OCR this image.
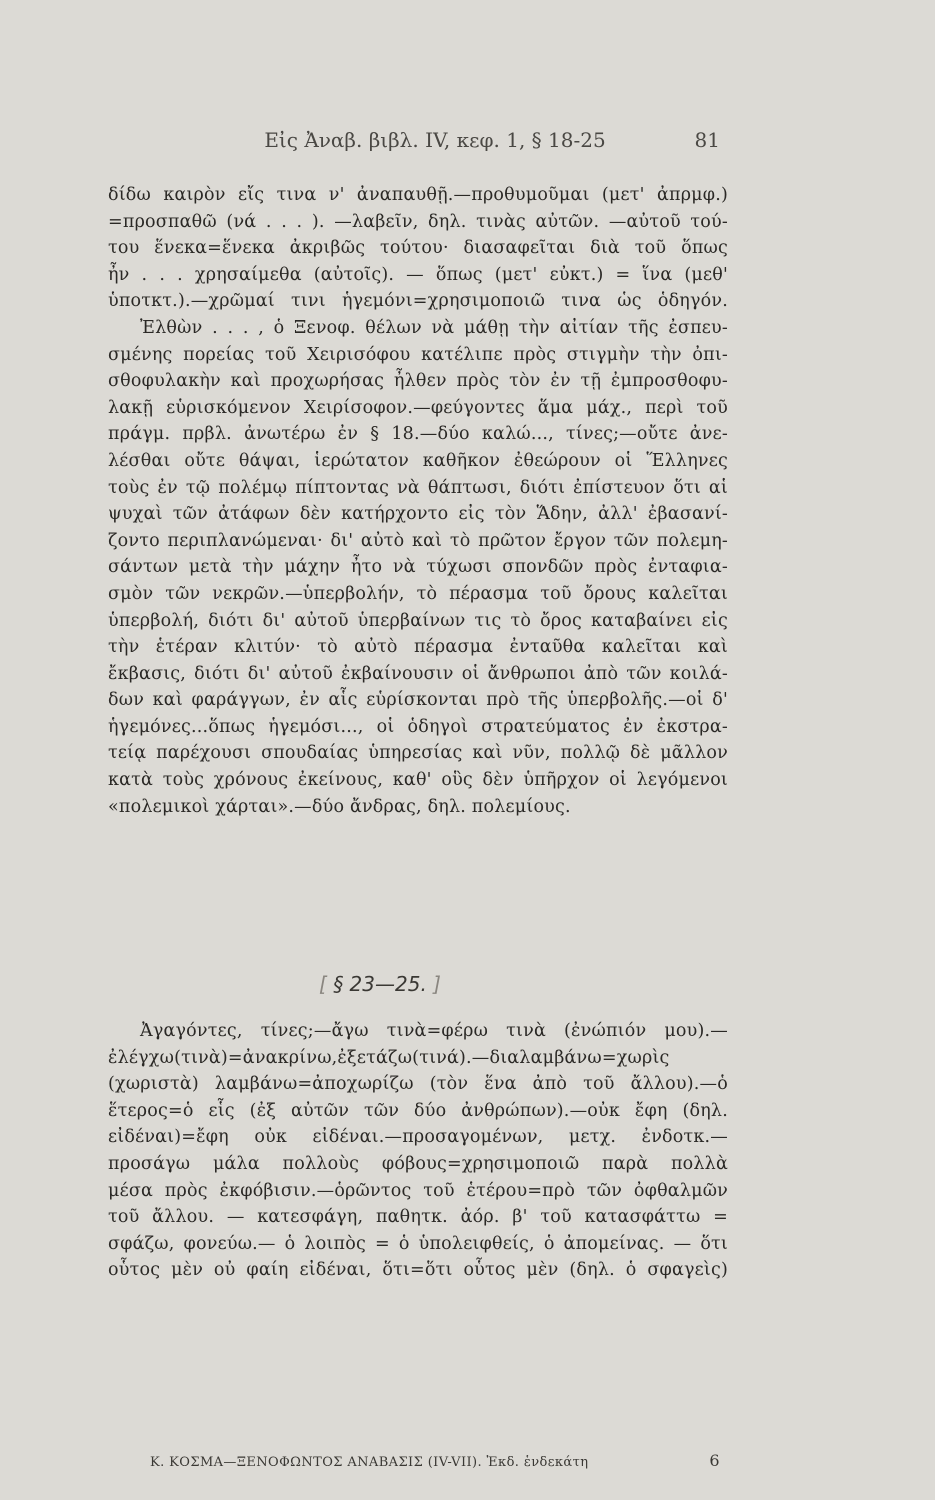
Εἰς Ἀναβ. βιβλ. IV, κεφ. 1, § 18-25	81
δίδω καιρὸν εἴς τινα ν' ἀναπαυθῇ.—προθυμοῦμαι (μετ' ἀπρμφ.)
=προσπαθῶ (νά . . . ). —λαβεῖν, δηλ. τινὰς αὐτῶν. —αὐτοῦ τού-
του ἕνεκα=ἕνεκα ἀκριβῶς τούτου· διασαφεῖται διὰ τοῦ ὅπως
ἦν . . . χρησαίμεθα (αὐτοῖς). — ὅπως (μετ' εὐκτ.) = ἵνα (μεθ'
ὑποτκτ.).—χρῶμαί τινι ἡγεμόνι=χρησιμοποιῶ τινα ὡς ὁδηγόν.
Ἐλθὼν . . . , ὁ Ξενοφ. θέλων νὰ μάθῃ τὴν αἰτίαν τῆς ἐσπευ-
σμένης πορείας τοῦ Χειρισόφου κατέλιπε πρὸς στιγμὴν τὴν ὀπι-
σθοφυλακὴν καὶ προχωρήσας ἦλθεν πρὸς τὸν ἐν τῇ ἐμπροσθοφυ-
λακῇ εὑρισκόμενον Χειρίσοφον.—φεύγοντες ἅμα μάχ., περὶ τοῦ
πράγμ. πρβλ. ἀνωτέρω ἐν § 18.—δύο καλώ..., τίνες;—οὔτε ἀνε-
λέσθαι οὔτε θάψαι, ἱερώτατον καθῆκον ἐθεώρουν οἱ Ἕλληνες
τοὺς ἐν τῷ πολέμῳ πίπτοντας νὰ θάπτωσι, διότι ἐπίστευον ὅτι αἱ
ψυχαὶ τῶν ἀτάφων δὲν κατήρχοντο εἰς τὸν Ἅδην, ἀλλ' ἐβασανί-
ζοντο περιπλανώμεναι· δι' αὐτὸ καὶ τὸ πρῶτον ἔργον τῶν πολεμη-
σάντων μετὰ τὴν μάχην ἦτο νὰ τύχωσι σπονδῶν πρὸς ἐνταφια-
σμὸν τῶν νεκρῶν.—ὑπερβολήν, τὸ πέρασμα τοῦ ὄρους καλεῖται
ὑπερβολή, διότι δι' αὐτοῦ ὑπερβαίνων τις τὸ ὄρος καταβαίνει εἰς
τὴν ἑτέραν κλιτύν· τὸ αὐτὸ πέρασμα ἐνταῦθα καλεῖται καὶ
ἔκβασις, διότι δι' αὐτοῦ ἐκβαίνουσιν οἱ ἄνθρωποι ἀπὸ τῶν κοιλά-
δων καὶ φαράγγων, ἐν αἷς εὑρίσκονται πρὸ τῆς ὑπερβολῆς.—οἱ δ'
ἡγεμόνες...ὅπως ἡγεμόσι..., οἱ ὁδηγοὶ στρατεύματος ἐν ἐκστρα-
τείᾳ παρέχουσι σπουδαίας ὑπηρεσίας καὶ νῦν, πολλῷ δὲ μᾶλλον
κατὰ τοὺς χρόνους ἐκείνους, καθ' οὓς δὲν ὑπῆρχον οἱ λεγόμενοι
«πολεμικοὶ χάρται».—δύο ἄνδρας, δηλ. πολεμίους.
[ § 23—25. ]
Ἀγαγόντες, τίνες;—ἄγω τινὰ=φέρω τινὰ (ἐνώπιόν μου).—
ἐλέγχω(τινὰ)=ἀνακρίνω,ἐξετάζω(τινά).—διαλαμβάνω=χωρὶς
(χωριστὰ) λαμβάνω=ἀποχωρίζω (τὸν ἕνα ἀπὸ τοῦ ἄλλου).—ὁ
ἕτερος=ὁ εἷς (ἐξ αὐτῶν τῶν δύο ἀνθρώπων).—οὐκ ἔφη (δηλ.
εἰδέναι)=ἔφη οὐκ εἰδέναι.—προσαγομένων, μετχ. ἐνδοτκ.—
προσάγω μάλα πολλοὺς φόβους=χρησιμοποιῶ παρὰ πολλὰ
μέσα πρὸς ἐκφόβισιν.—ὁρῶντος τοῦ ἑτέρου=πρὸ τῶν ὀφθαλμῶν
τοῦ ἄλλου. — κατεσφάγη, παθητκ. ἀόρ. β' τοῦ κατασφάττω =
σφάζω, φονεύω.— ὁ λοιπὸς = ὁ ὑπολειφθείς, ὁ ἀπομείνας. — ὅτι
οὗτος μὲν οὐ φαίη εἰδέναι, ὅτι=ὅτι οὗτος μὲν (δηλ. ὁ σφαγεὶς)
Κ. ΚΟΣΜΑ—ΞΕΝΟΦΩΝΤΟΣ ΑΝΑΒΑΣΙΣ (IV-VII). Ἐκδ. ἑνδεκάτη	6
